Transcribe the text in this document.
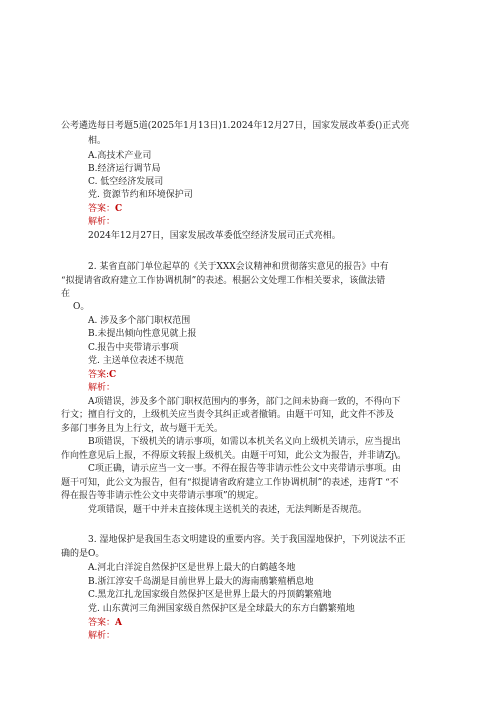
公考遴选每日考题5道(2025年1月13日)1.2024年12月27日，国家发展改革委()正式亮
相。
A.高技术产业司
B.经济运行调节局
C. 低空经济发展司
党. 资源节约和环境保护司
答案：C
解析：
2024年12月27日，国家发展改革委低空经济发展司正式亮相。
2. 某省直部门单位起草的《关于XXX会议精神和贯彻落实意见的报告》中有
“拟提请省政府建立工作协调机制”的表述。根据公文处理工作相关要求，该做法错
在
O。
A. 涉及多个部门职权范围
B.未提出倾向性意见就上报
C.报告中夹带请示事项
党. 主送单位表述不规范
答案:C
解析：
A项错误，涉及多个部门职权范围内的事务，部门之间未协商一致的，不得向下
行文；擅自行文的，上级机关应当责令其纠正或者撤销。由题干可知，此文件不涉及
多部门事务且为上行文，故与题干无关。
B项错误，下级机关的请示事项，如需以本机关名义向上级机关请示，应当提出
作向性意见后上报，不得原文转报上级机关。由题干可知，此公文为报告，并非请Zj\。
C项正确，请示应当一文一事。不得在报告等非请示性公文中夹带请示事项。由
题干可知，此公文为报告，但有“拟提请省政府建立工作协调机制”的表述，违背T “不
得在报告等非请示性公文中夹带请示事项”的规定。
党项错误，题干中并未直接体现主送机关的表述，无法判断是否规范。
3. 湿地保护是我国生态文明建设的重要内容。关于我国湿地保护，下列说法不正
确的是O。
A.河北白洋淀自然保护区是世界上最大的白鹤越冬地
B.浙江淳安千岛湖是目前世界上最大的海南鳽繁殖栖息地
C.黑龙江扎龙国家级自然保护区是世界上最大的丹顶鹤繁殖地
党. 山东黄河三角洲国家级自然保护区是全球最大的东方白鹳繁殖地
答案：A
解析：
